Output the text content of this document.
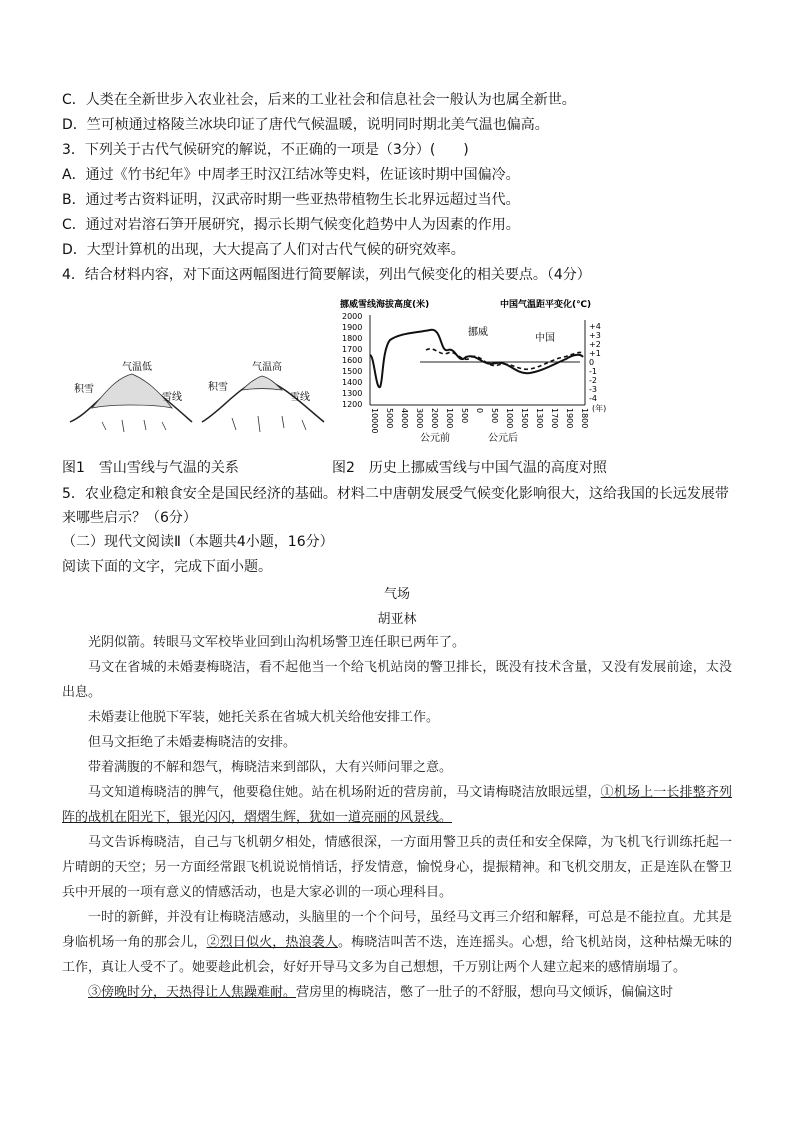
C．人类在全新世步入农业社会，后来的工业社会和信息社会一般认为也属全新世。
D．竺可桢通过格陵兰冰块印证了唐代气候温暖，说明同时期北美气温也偏高。
3．下列关于古代气候研究的解说，不正确的一项是（3分）(　　)
A．通过《竹书纪年》中周孝王时汉江结冰等史料，佐证该时期中国偏冷。
B．通过考古资料证明，汉武帝时期一些亚热带植物生长北界远超过当代。
C．通过对岩溶石笋开展研究，揭示长期气候变化趋势中人为因素的作用。
D．大型计算机的出现，大大提高了人们对古代气候的研究效率。
4．结合材料内容，对下面这两幅图进行简要解读，列出气候变化的相关要点。（4分）
气温低
积雪
雪线
气温高
积雪
雪线
挪威雪线海拔高度(米)	中国气温距平变化(℃)
2000
1900
1800
1700
1600
1500
1400
1300
1200
+4
+3
+2
+1
0
-1
-2
-3
-4
10000 5000 4000 3000 2000 1000 500 0 500 1000 1500 1300 1700 1900 1800
挪威
中国
(年)
公元前	公元后
图1　雪山雪线与气温的关系	图2　历史上挪威雪线与中国气温的高度对照
5．农业稳定和粮食安全是国民经济的基础。材料二中唐朝发展受气候变化影响很大，这给我国的长远发展带
来哪些启示？（6分）
（二）现代文阅读Ⅱ（本题共4小题，16分）
阅读下面的文字，完成下面小题。
气场
胡亚林

光阴似箭。转眼马文军校毕业回到山沟机场警卫连任职已两年了。

马文在省城的未婚妻梅晓洁，看不起他当一个给飞机站岗的警卫排长，既没有技术含量，又没有发展前途，太没出息。

未婚妻让他脱下军装，她托关系在省城大机关给他安排工作。

但马文拒绝了未婚妻梅晓洁的安排。

带着满腹的不解和怨气，梅晓洁来到部队，大有兴师问罪之意。

马文知道梅晓洁的脾气，他要稳住她。站在机场附近的营房前，马文请梅晓洁放眼远望，①机场上一长排整齐列阵的战机在阳光下，银光闪闪，熠熠生辉，犹如一道亮丽的风景线。

马文告诉梅晓洁，自己与飞机朝夕相处，情感很深，一方面用警卫兵的责任和安全保障，为飞机飞行训练托起一片晴朗的天空；另一方面经常跟飞机说说悄悄话，抒发情意，愉悦身心，提振精神。和飞机交朋友，正是连队在警卫兵中开展的一项有意义的情感活动，也是大家必训的一项心理科目。

一时的新鲜，并没有让梅晓洁感动，头脑里的一个个问号，虽经马文再三介绍和解释，可总是不能拉直。尤其是身临机场一角的那会儿，②烈日似火，热浪袭人。梅晓洁叫苦不迭，连连摇头。心想，给飞机站岗，这种枯燥无味的工作，真让人受不了。她要趁此机会，好好开导马文多为自己想想，千万别让两个人建立起来的感情崩塌了。

③傍晚时分，天热得让人焦躁难耐。营房里的梅晓洁，憋了一肚子的不舒服，想向马文倾诉，偏偏这时
